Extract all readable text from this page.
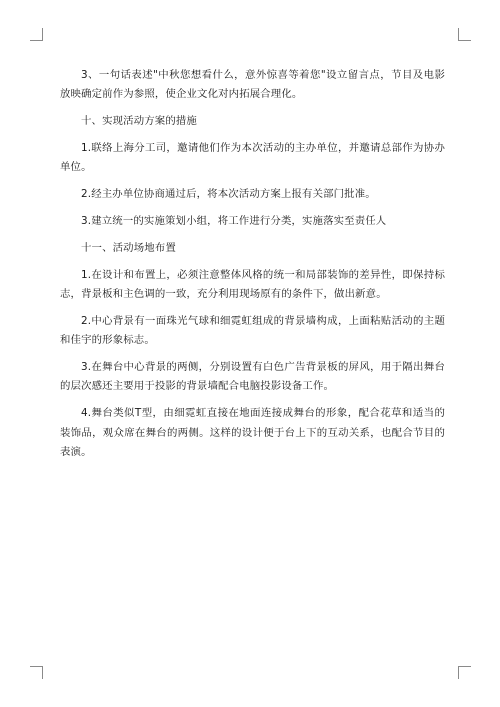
3、一句话表述"中秋您想看什么，意外惊喜等着您"设立留言点，节目及电影放映确定前作为参照，使企业文化对内拓展合理化。

十、实现活动方案的措施

1.联络上海分工司，邀请他们作为本次活动的主办单位，并邀请总部作为协办单位。

2.经主办单位协商通过后，将本次活动方案上报有关部门批准。

3.建立统一的实施策划小组，将工作进行分类，实施落实至责任人

十一、活动场地布置

1.在设计和布置上，必须注意整体风格的统一和局部装饰的差异性，即保持标志，背景板和主色调的一致，充分利用现场原有的条件下，做出新意。

2.中心背景有一面珠光气球和细霓虹组成的背景墙构成，上面粘贴活动的主题和佳宇的形象标志。

3.在舞台中心背景的两侧，分别设置有白色广告背景板的屏风，用于隔出舞台的层次感还主要用于投影的背景墙配合电脑投影设备工作。

4.舞台类似T型，由细霓虹直接在地面连接成舞台的形象，配合花草和适当的装饰品，观众席在舞台的两侧。这样的设计便于台上下的互动关系，也配合节目的表演。
